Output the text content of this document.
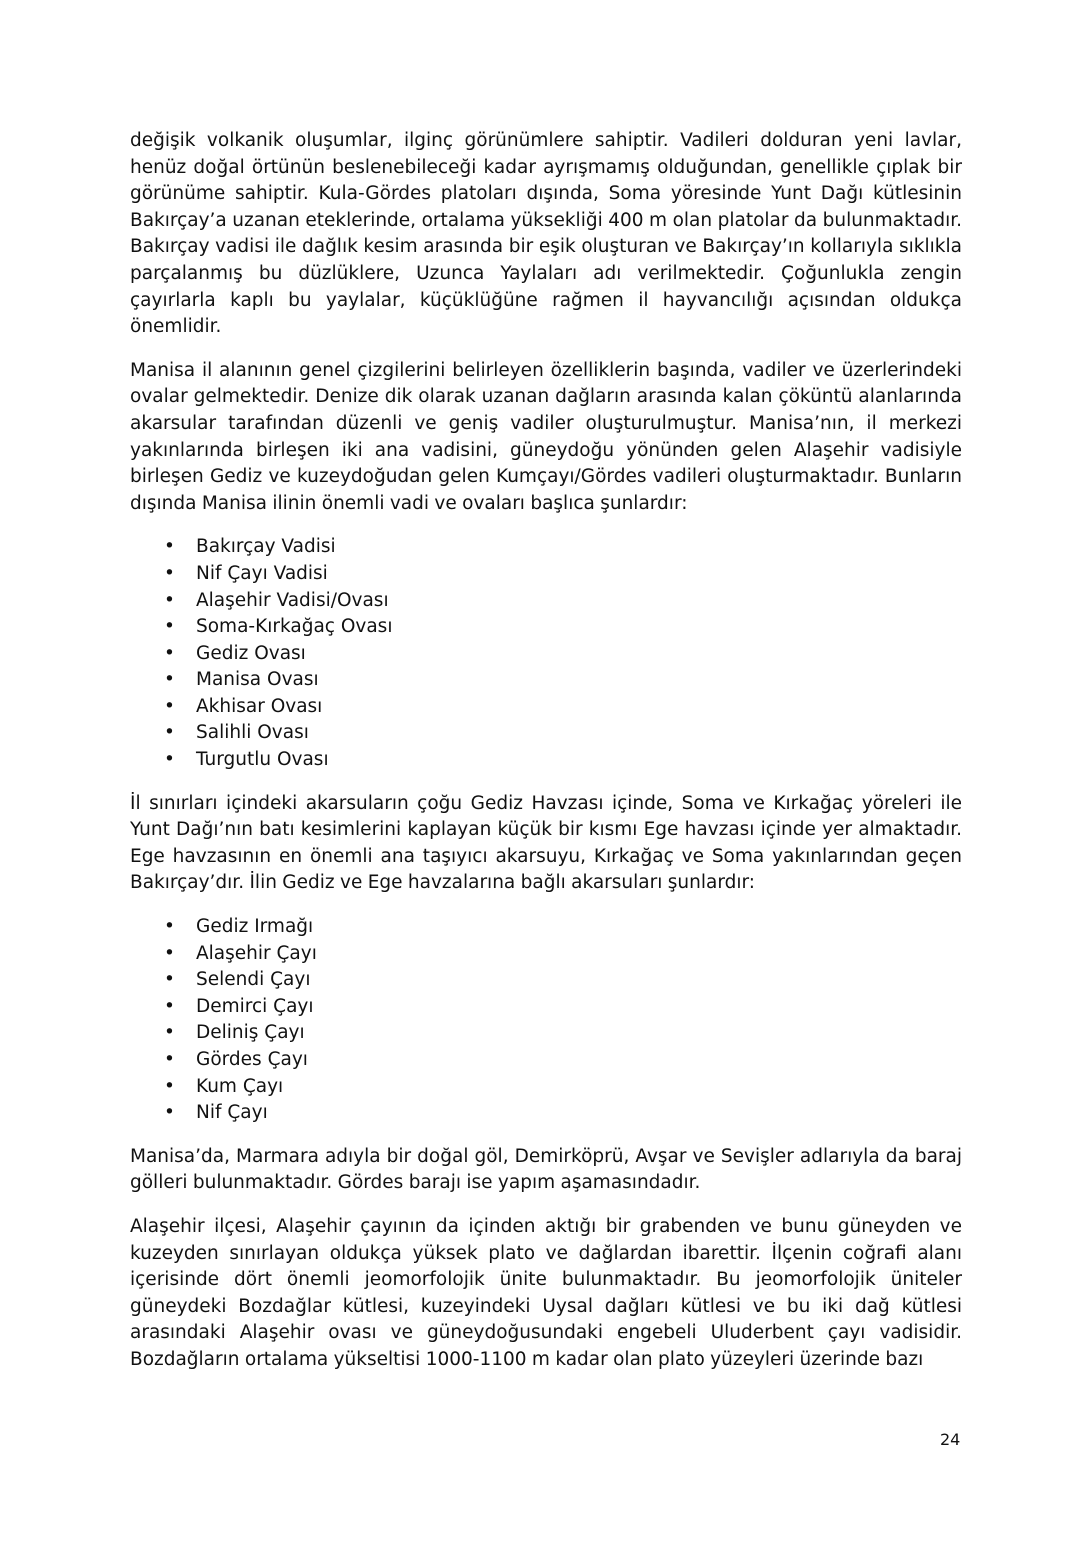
değişik volkanik oluşumlar, ilginç görünümlere sahiptir. Vadileri dolduran yeni lavlar, henüz doğal örtünün beslenebileceği kadar ayrışmamış olduğundan, genellikle çıplak bir görünüme sahiptir. Kula-Gördes platoları dışında, Soma yöresinde Yunt Dağı kütlesinin Bakırçay’a uzanan eteklerinde, ortalama yüksekliği 400 m olan platolar da bulunmaktadır. Bakırçay vadisi ile dağlık kesim arasında bir eşik oluşturan ve Bakırçay’ın kollarıyla sıklıkla parçalanmış bu düzlüklere, Uzunca Yaylaları adı verilmektedir. Çoğunlukla zengin çayırlarla kaplı bu yaylalar, küçüklüğüne rağmen il hayvancılığı açısından oldukça önemlidir.

Manisa il alanının genel çizgilerini belirleyen özelliklerin başında, vadiler ve üzerlerindeki ovalar gelmektedir. Denize dik olarak uzanan dağların arasında kalan çöküntü alanlarında akarsular tarafından düzenli ve geniş vadiler oluşturulmuştur. Manisa’nın, il merkezi yakınlarında birleşen iki ana vadisini, güneydoğu yönünden gelen Alaşehir vadisiyle birleşen Gediz ve kuzeydoğudan gelen Kumçayı/Gördes vadileri oluşturmaktadır. Bunların dışında Manisa ilinin önemli vadi ve ovaları başlıca şunlardır:

• Bakırçay Vadisi
• Nif Çayı Vadisi
• Alaşehir Vadisi/Ovası
• Soma-Kırkağaç Ovası
• Gediz Ovası
• Manisa Ovası
• Akhisar Ovası
• Salihli Ovası
• Turgutlu Ovası

İl sınırları içindeki akarsuların çoğu Gediz Havzası içinde, Soma ve Kırkağaç yöreleri ile Yunt Dağı’nın batı kesimlerini kaplayan küçük bir kısmı Ege havzası içinde yer almaktadır. Ege havzasının en önemli ana taşıyıcı akarsuyu, Kırkağaç ve Soma yakınlarından geçen Bakırçay’dır. İlin Gediz ve Ege havzalarına bağlı akarsuları şunlardır:

• Gediz Irmağı
• Alaşehir Çayı
• Selendi Çayı
• Demirci Çayı
• Deliniş Çayı
• Gördes Çayı
• Kum Çayı
• Nif Çayı

Manisa’da, Marmara adıyla bir doğal göl, Demirköprü, Avşar ve Sevişler adlarıyla da baraj gölleri bulunmaktadır. Gördes barajı ise yapım aşamasındadır.

Alaşehir ilçesi, Alaşehir çayının da içinden aktığı bir grabenden ve bunu güneyden ve kuzeyden sınırlayan oldukça yüksek plato ve dağlardan ibarettir. İlçenin coğrafi alanı içerisinde dört önemli jeomorfolojik ünite bulunmaktadır. Bu jeomorfolojik üniteler güneydeki Bozdağlar kütlesi, kuzeyindeki Uysal dağları kütlesi ve bu iki dağ kütlesi arasındaki Alaşehir ovası ve güneydoğusundaki engebeli Uluderbent çayı vadisidir. Bozdağların ortalama yükseltisi 1000-1100 m kadar olan plato yüzeyleri üzerinde bazı

24
